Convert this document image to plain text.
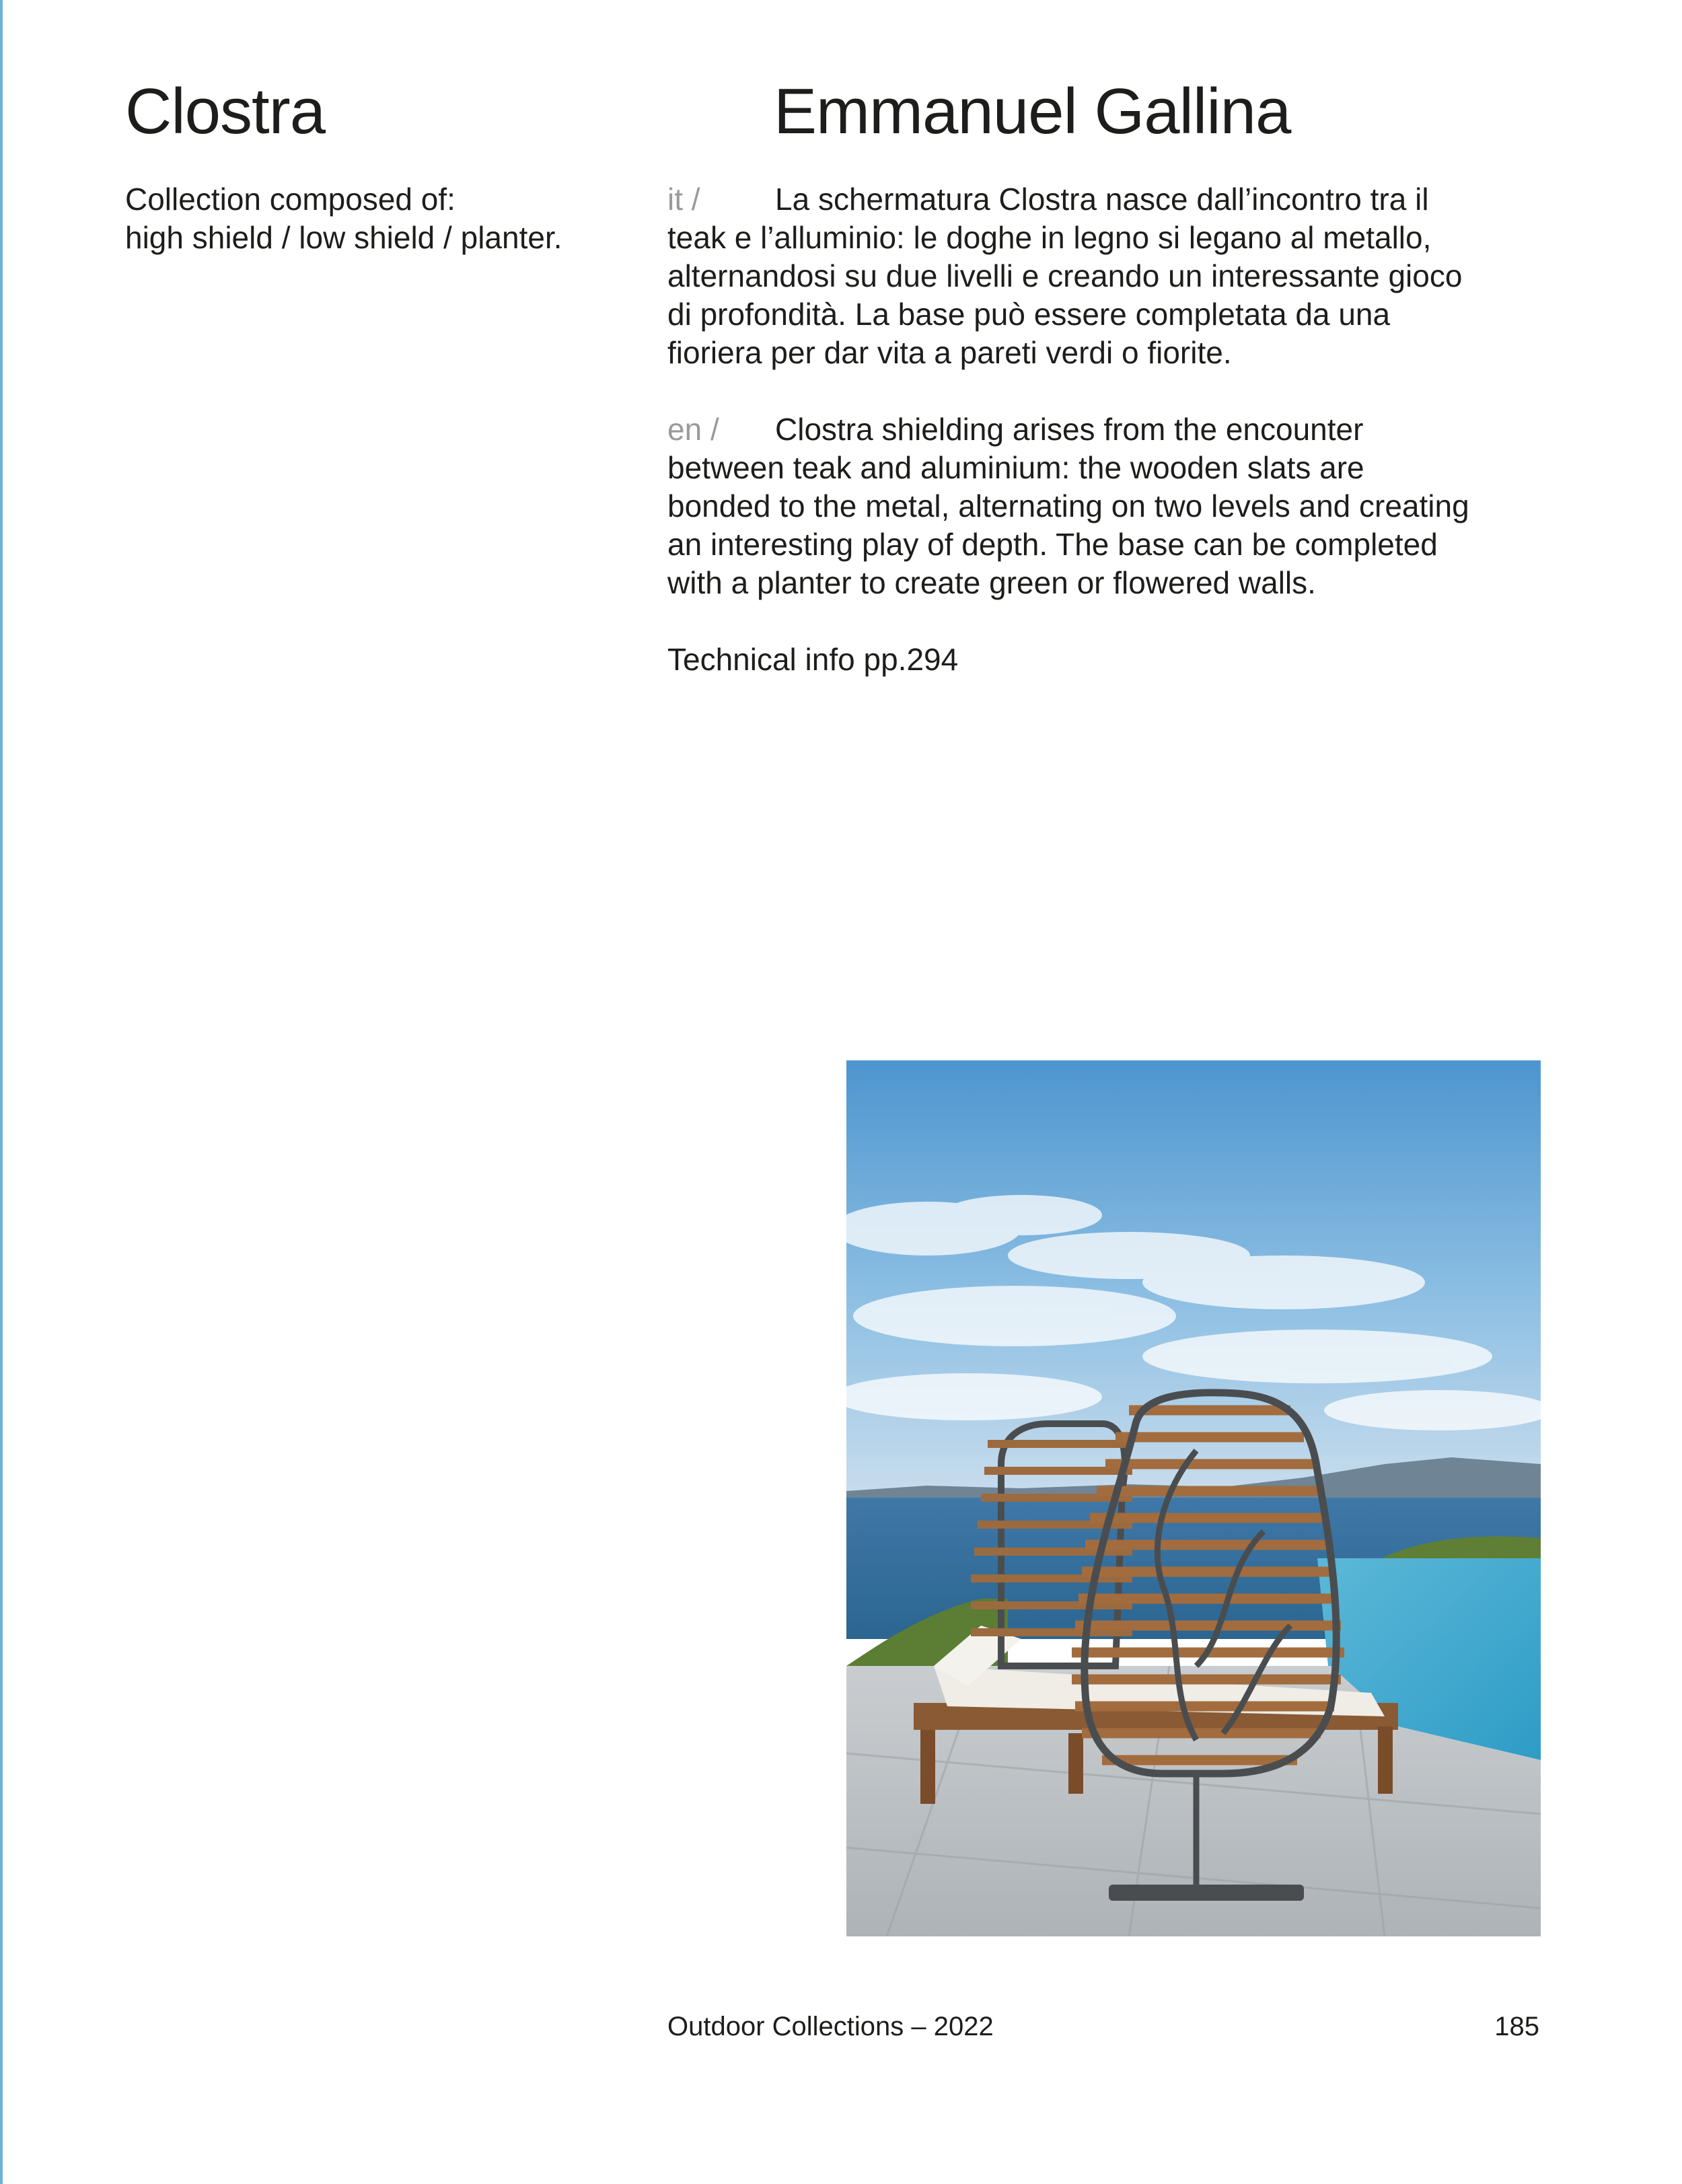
Clostra	Emmanuel Gallina
Collection composed of:
high shield / low shield / planter.
it / La schermatura Clostra nasce dall’incontro tra il
teak e l’alluminio: le doghe in legno si legano al metallo,
alternandosi su due livelli e creando un interessante gioco
di profondità. La base può essere completata da una
fioriera per dar vita a pareti verdi o fiorite.
en / Clostra shielding arises from the encounter
between teak and aluminium: the wooden slats are
bonded to the metal, alternating on two levels and creating
an interesting play of depth. The base can be completed
with a planter to create green or flowered walls.
Technical info pp.294
Outdoor Collections – 2022	185
